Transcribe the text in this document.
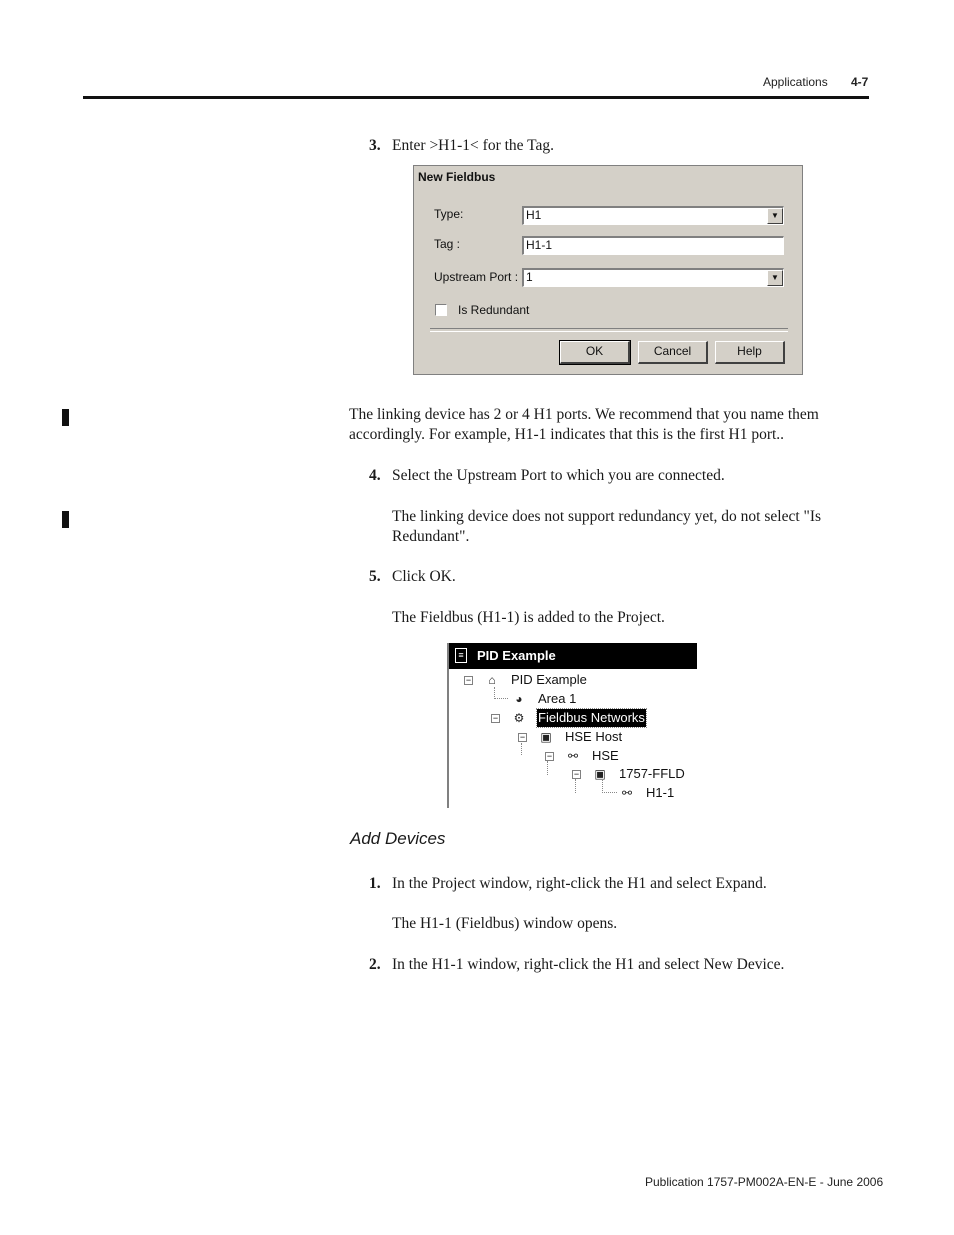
Applications 4-7
3. Enter >H1-1< for the Tag.
New Fieldbus
Type:	H1	▼
Tag :	H1-1
Upstream Port : 1	▼
Is Redundant
OK	Cancel	Help
The linking device has 2 or 4 H1 ports. We recommend that you name them accordingly. For example, H1-1 indicates that this is the first H1 port..
4. Select the Upstream Port to which you are connected.
The linking device does not support redundancy yet, do not select "Is Redundant".
5. Click OK.
The Fieldbus (H1-1) is added to the Project.
≡ PID Example
−	⌂	PID Example
◕	Area 1
−	⚙ Fieldbus Networks
− ▣ HSE Host
−	⚯	HSE
− ▣ 1757-FFLD
⚯	H1-1
Add Devices
1. In the Project window, right-click the H1 and select Expand.
The H1-1 (Fieldbus) window opens.
2. In the H1-1 window, right-click the H1 and select New Device.
Publication 1757-PM002A-EN-E - June 2006
